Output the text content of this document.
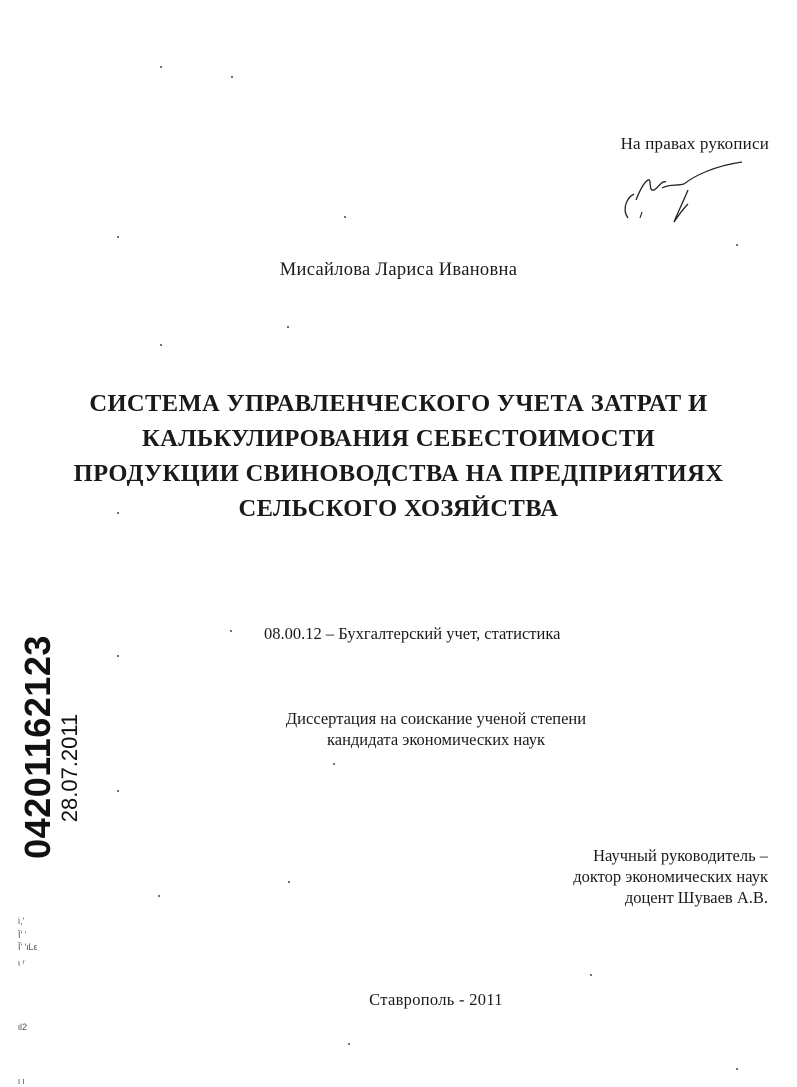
На правах рукописи
Мисайлова Лариса Ивановна
СИСТЕМА УПРАВЛЕНЧЕСКОГО УЧЕТА ЗАТРАТ И
КАЛЬКУЛИРОВАНИЯ СЕБЕСТОИМОСТИ
ПРОДУКЦИИ СВИНОВОДСТВА НА ПРЕДПРИЯТИЯХ
СЕЛЬСКОГО ХОЗЯЙСТВА
08.00.12 – Бухгалтерский учет, статистика
Диссертация на соискание ученой степени
кандидата экономических наук
Научный руководитель –
доктор экономических наук
доцент Шуваев А.В.
Ставрополь - 2011
04201162123 28.07.2011
i,'
Ĭ' '
Ĭ' 'ιLε
ι ʳ
ιl2
ι ι
